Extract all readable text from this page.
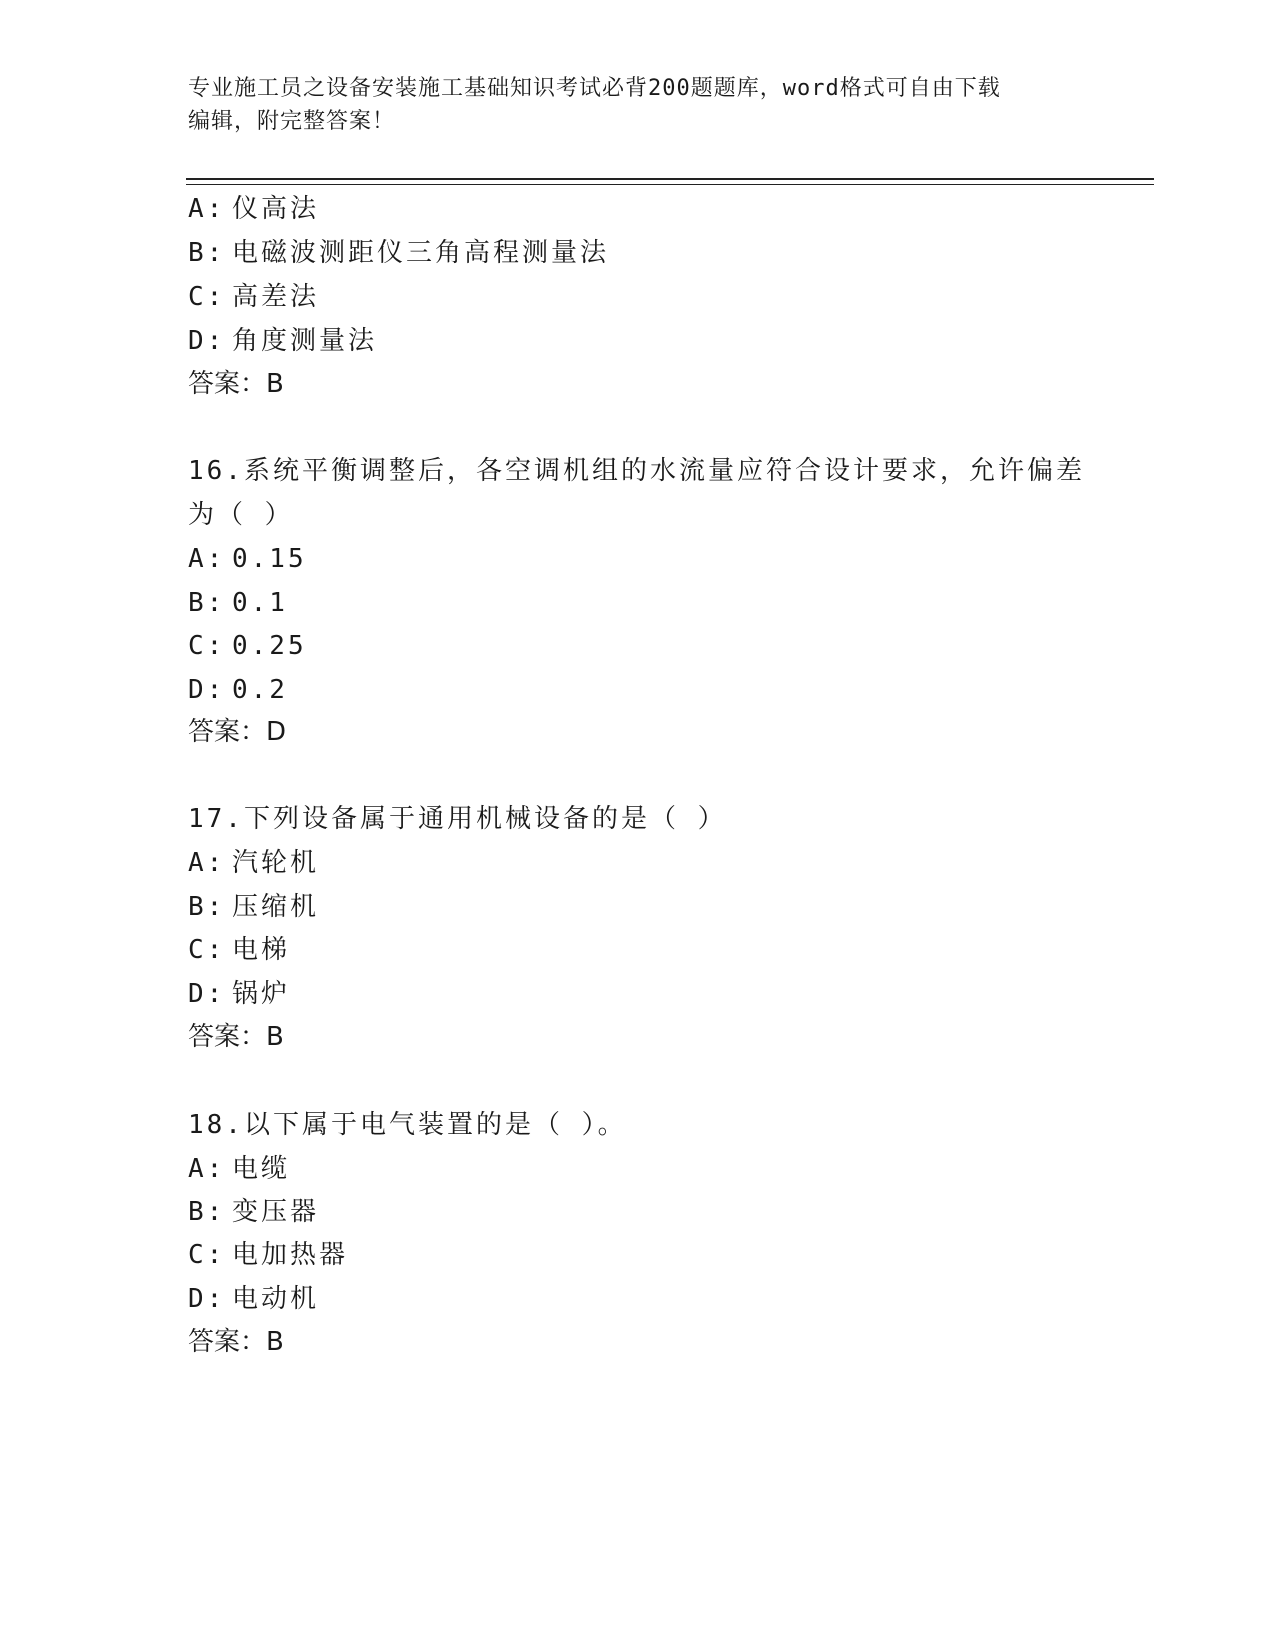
专业施工员之设备安装施工基础知识考试必背200题题库，word格式可自由下载
编辑，附完整答案！
A: 仪高法
B: 电磁波测距仪三角高程测量法
C: 高差法
D: 角度测量法
答案：B
16.系统平衡调整后，各空调机组的水流量应符合设计要求，允许偏差
为（ ）
A: 0.15
B: 0.1
C: 0.25
D: 0.2
答案：D
17.下列设备属于通用机械设备的是（ ）
A: 汽轮机
B: 压缩机
C: 电梯
D: 锅炉
答案：B
18.以下属于电气装置的是（ ）。
A: 电缆
B: 变压器
C: 电加热器
D: 电动机
答案：B
